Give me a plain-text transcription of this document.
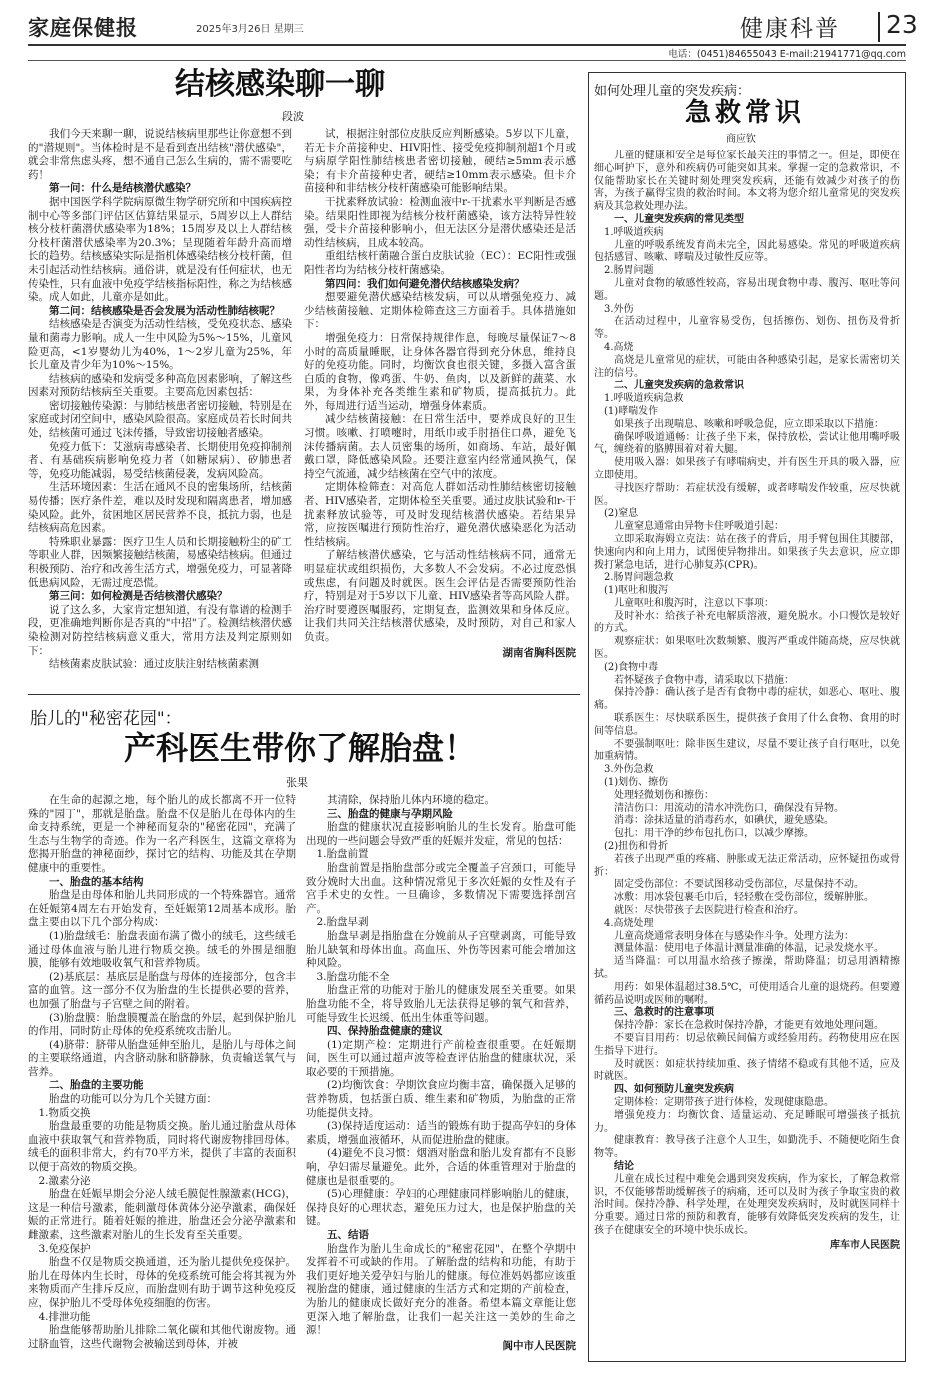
家庭保健报	2025年3月26日 星期三	健康科普 23
电话：(0451)84655043 E-mail:21941771@qq.com
结核感染聊一聊
段波

我们今天来聊一聊，说说结核病里那些让你意想不到的"潜规则"。当体检时是不是看到查出结核"潜伏感染"，就会非常焦虑头疼，想不通自己怎么生病的，需不需要吃药！

第一问：什么是结核潜伏感染？

据中国医学科学院病原微生物学研究所和中国疾病控制中心等多部门评估区估算结果显示，5周岁以上人群结核分枝杆菌潜伏感染率为18%；15周岁及以上人群结核分枝杆菌潜伏感染率为20.3%；呈现随着年龄升高而增长的趋势。结核感染实际是指机体感染结核分枝杆菌，但未引起活动性结核病。通俗讲，就是没有任何症状，也无传染性，只有血液中免疫学结核指标阳性，称之为结核感染。成人如此，儿童亦是如此。

第二问：结核感染是否会发展为活动性肺结核呢？

结核感染是否演变为活动性结核，受免疫状态、感染量和菌毒力影响。成人一生中风险为5%～15%，儿童风险更高，<1岁婴幼儿为40%，1～2岁儿童为25%，年长儿童及青少年为10%～15%。

结核病的感染和发病受多种高危因素影响，了解这些因素对预防结核病至关重要。主要高危因素包括：

密切接触传染源：与肺结核患者密切接触，特别是在家庭或封闭空间中，感染风险很高。家庭成员若长时间共处，结核菌可通过飞沫传播，导致密切接触者感染。

免疫力低下：艾滋病毒感染者、长期使用免疫抑制剂者、有基础疾病影响免疫力者（如糖尿病）、矽肺患者等，免疫功能减弱，易受结核菌侵袭，发病风险高。

生活环境因素：生活在通风不良的密集场所，结核菌易传播；医疗条件差，难以及时发现和隔离患者，增加感染风险。此外，贫困地区居民营养不良，抵抗力弱，也是结核病高危因素。

特殊职业暴露：医疗卫生人员和长期接触粉尘的矿工等职业人群，因频繁接触结核菌，易感染结核病。但通过积极预防、治疗和改善生活方式，增强免疫力，可显著降低患病风险，无需过度恐慌。

第三问：如何检测是否结核潜伏感染？

说了这么多，大家肯定想知道，有没有靠谱的检测手段，更准确地判断你是否真的"中招"了。检测结核潜伏感染检测对防控结核病意义重大，常用方法及判定原则如下：

结核菌素皮肤试验：通过皮肤注射结核菌素测

试，根据注射部位皮肤反应判断感染。5岁以下儿童，若无卡介苗接种史、HIV阳性、接受免疫抑制剂超1个月或与病原学阳性肺结核患者密切接触，硬结≥5mm表示感染；有卡介苗接种史者，硬结≥10mm表示感染。但卡介苗接种和非结核分枝杆菌感染可能影响结果。

干扰素释放试验：检测血液中r-干扰素水平判断是否感染。结果阳性即视为结核分枝杆菌感染，该方法特异性较强，受卡介苗接种影响小，但无法区分是潜伏感染还是活动性结核病，且成本较高。

重组结核杆菌融合蛋白皮肤试验（EC）：EC阳性或强阳性者均为结核分枝杆菌感染。

第四问：我们如何避免潜伏结核感染发病？

想要避免潜伏感染结核发病，可以从增强免疫力、减少结核菌接触、定期体检筛查这三方面着手。具体措施如下：

增强免疫力：日常保持规律作息，每晚尽量保证7～8小时的高质量睡眠，让身体各器官得到充分休息，维持良好的免疫功能。同时，均衡饮食也很关键，多摄入富含蛋白质的食物，像鸡蛋、牛奶、鱼肉，以及新鲜的蔬菜、水果，为身体补充各类维生素和矿物质，提高抵抗力。此外，每周进行适当运动，增强身体素质。

减少结核菌接触：在日常生活中，要养成良好的卫生习惯。咳嗽、打喷嚏时，用纸巾或手肘捂住口鼻，避免飞沫传播病菌。去人员密集的场所，如商场、车站，最好佩戴口罩，降低感染风险。还要注意室内经常通风换气，保持空气流通，减少结核菌在空气中的浓度。

定期体检筛查：对高危人群如活动性肺结核密切接触者、HIV感染者，定期体检至关重要。通过皮肤试验和r-干扰素释放试验等，可及时发现结核潜伏感染。若结果异常，应按医嘱进行预防性治疗，避免潜伏感染恶化为活动性结核病。

了解结核潜伏感染，它与活动性结核病不同，通常无明显症状或组织损伤，大多数人不会发病。不必过度恐惧或焦虑，有问题及时就医。医生会评估是否需要预防性治疗，特别是对于5岁以下儿童、HIV感染者等高风险人群。治疗时要遵医嘱服药，定期复查，监测效果和身体反应。让我们共同关注结核潜伏感染，及时预防，对自己和家人负责。

湖南省胸科医院

胎儿的"秘密花园"：
产科医生带你了解胎盘！
张果

在生命的起源之地，每个胎儿的成长都离不开一位特殊的"园丁"，那就是胎盘。胎盘不仅是胎儿在母体内的生命支持系统，更是一个神秘而复杂的"秘密花园"，充满了生态与生物学的奇迹。作为一名产科医生，这篇文章将为您揭开胎盘的神秘面纱，探讨它的结构、功能及其在孕期健康中的重要性。

一、胎盘的基本结构

胎盘是由母体和胎儿共同形成的一个特殊器官。通常在妊娠第4周左右开始发育，至妊娠第12周基本成形。胎盘主要由以下几个部分构成：

(1)胎盘绒毛：胎盘表面布满了微小的绒毛，这些绒毛通过母体血液与胎儿进行物质交换。绒毛的外围是细胞膜，能够有效地吸收氧气和营养物质。

(2)基底层：基底层是胎盘与母体的连接部分，包含丰富的血管。这一部分不仅为胎盘的生长提供必要的营养，也加强了胎盘与子宫壁之间的附着。

(3)胎盘膜：胎盘膜覆盖在胎盘的外层，起到保护胎儿的作用，同时防止母体的免疫系统攻击胎儿。

(4)脐带：脐带从胎盘延伸至胎儿，是胎儿与母体之间的主要联络通道，内含脐动脉和脐静脉，负责输送氧气与营养。

二、胎盘的主要功能

胎盘的功能可以分为几个关键方面：

1.物质交换

胎盘最重要的功能是物质交换。胎儿通过胎盘从母体血液中获取氧气和营养物质，同时将代谢废物排回母体。绒毛的面积非常大，约有70平方米，提供了丰富的表面积以便于高效的物质交换。

2.激素分泌

胎盘在妊娠早期会分泌人绒毛膜促性腺激素(HCG)，这是一种信号激素，能刺激母体黄体分泌孕激素，确保妊娠的正常进行。随着妊娠的推进，胎盘还会分泌孕激素和雌激素，这些激素对胎儿的生长发育至关重要。

3.免疫保护

胎盘不仅是物质交换通道，还为胎儿提供免疫保护。胎儿在母体内生长时，母体的免疫系统可能会将其视为外来物质而产生排斥反应，而胎盘则有助于调节这种免疫反应，保护胎儿不受母体免疫细胞的伤害。

4.排泄功能

胎盘能够帮助胎儿排除二氧化碳和其他代谢废物。通过脐血管，这些代谢物会被输送到母体，并被

其清除，保持胎儿体内环境的稳定。

三、胎盘的健康与孕期风险

胎盘的健康状况直接影响胎儿的生长发育。胎盘可能出现的一些问题会导致严重的妊娠并发症，常见的包括：

1.胎盘前置

胎盘前置是指胎盘部分或完全覆盖子宫颈口，可能导致分娩时大出血。这种情况常见于多次妊娠的女性及有子宫手术史的女性。一旦确诊，多数情况下需要选择剖宫产。

2.胎盘早剥

胎盘早剥是指胎盘在分娩前从子宫壁剥离，可能导致胎儿缺氧和母体出血。高血压、外伤等因素可能会增加这种风险。

3.胎盘功能不全

胎盘正常的功能对于胎儿的健康发展至关重要。如果胎盘功能不全，将导致胎儿无法获得足够的氧气和营养，可能导致生长迟缓、低出生体重等问题。

四、保持胎盘健康的建议

(1)定期产检：定期进行产前检查很重要。在妊娠期间，医生可以通过超声波等检查评估胎盘的健康状况，采取必要的干预措施。

(2)均衡饮食：孕期饮食应均衡丰富，确保摄入足够的营养物质，包括蛋白质、维生素和矿物质，为胎盘的正常功能提供支持。

(3)保持适度运动：适当的锻炼有助于提高孕妇的身体素质，增强血液循环，从而促进胎盘的健康。

(4)避免不良习惯：烟酒对胎盘和胎儿发育都有不良影响，孕妇需尽量避免。此外，合适的体重管理对于胎盘的健康也是很重要的。

(5)心理健康：孕妇的心理健康同样影响胎儿的健康，保持良好的心理状态，避免压力过大，也是保护胎盘的关键。

五、结语

胎盘作为胎儿生命成长的"秘密花园"，在整个孕期中发挥着不可或缺的作用。了解胎盘的结构和功能，有助于我们更好地关爱孕妇与胎儿的健康。每位准妈妈都应该重视胎盘的健康，通过健康的生活方式和定期的产前检查，为胎儿的健康成长做好充分的准备。希望本篇文章能让您更深入地了解胎盘，让我们一起关注这一美妙的生命之源！

阆中市人民医院

如何处理儿童的突发疾病：
急救常识
商应钦

儿童的健康和安全是每位家长最关注的事情之一。但是，即使在细心呵护下，意外和疾病仍可能突如其来。掌握一定的急救常识，不仅能帮助家长在关键时刻处理突发疾病，还能有效减少对孩子的伤害，为孩子赢得宝贵的救治时间。本文将为您介绍儿童常见的突发疾病及其急救处理办法。

一、儿童突发疾病的常见类型

1.呼吸道疾病

儿童的呼吸系统发育尚未完全，因此易感染。常见的呼吸道疾病包括感冒、咳嗽、哮喘及过敏性反应等。

2.肠胃问题

儿童对食物的敏感性较高，容易出现食物中毒、腹泻、呕吐等问题。

3.外伤

在活动过程中，儿童容易受伤，包括擦伤、划伤、扭伤及骨折等。

4.高烧

高烧是儿童常见的症状，可能由各种感染引起，是家长需密切关注的信号。

二、儿童突发疾病的急救常识

1.呼吸道疾病急救

(1)哮喘发作

如果孩子出现喘息、咳嗽和呼吸急促，应立即采取以下措施：

确保呼吸道通畅：让孩子坐下来，保持放松，尝试让他用嘴呼吸气，缠绕着的胳膊围着对着大腿。

使用吸入器：如果孩子有哮喘病史，并有医生开具的吸入器，应立即使用。

寻找医疗帮助：若症状没有缓解，或者哮喘发作较重，应尽快就医。

(2)窒息

儿童窒息通常由异物卡住呼吸道引起：

立即采取海姆立克法：站在孩子的背后，用手臂包围住其腰部，快速向内和向上用力，试图使异物排出。如果孩子失去意识，应立即拨打紧急电话，进行心肺复苏(CPR)。

2.肠胃问题急救

(1)呕吐和腹泻

儿童呕吐和腹泻时，注意以下事项：

及时补水：给孩子补充电解质溶液，避免脱水。小口慢饮是较好的方式。

观察症状：如果呕吐次数频繁、腹泻严重或伴随高烧，应尽快就医。

(2)食物中毒

若怀疑孩子食物中毒，请采取以下措施：

保持冷静：确认孩子是否有食物中毒的症状，如恶心、呕吐、腹痛。

联系医生：尽快联系医生，提供孩子食用了什么食物、食用的时间等信息。

不要强制呕吐：除非医生建议，尽量不要让孩子自行呕吐，以免加重病情。

3.外伤急救

(1)划伤、擦伤

处理轻微划伤和擦伤：

清洁伤口：用流动的清水冲洗伤口，确保没有异物。

消毒：涂抹适量的消毒药水，如碘伏，避免感染。

包扎：用干净的纱布包扎伤口，以减少摩擦。

(2)扭伤和骨折

若孩子出现严重的疼痛、肿胀或无法正常活动，应怀疑扭伤或骨折：

固定受伤部位：不要试图移动受伤部位，尽量保持不动。

冰敷：用冰袋包裹毛巾后，轻轻敷在受伤部位，缓解肿胀。

就医：尽快带孩子去医院进行检查和治疗。

4.高烧处理

儿童高烧通常表明身体在与感染作斗争。处理方法为：

测量体温：使用电子体温计测量准确的体温，记录发烧水平。

适当降温：可以用温水给孩子擦澡，帮助降温；切忌用酒精擦拭。

用药：如果体温超过38.5℃，可使用适合儿童的退烧药。但要遵循药品说明或医师的嘱咐。

三、急救时的注意事项

保持冷静：家长在急救时保持冷静，才能更有效地处理问题。

不要盲目用药：切忌依赖民间偏方或经验用药。药物使用应在医生指导下进行。

及时就医：如症状持续加重、孩子情绪不稳或有其他不适，应及时就医。

四、如何预防儿童突发疾病

定期体检：定期带孩子进行体检，发现健康隐患。

增强免疫力：均衡饮食、适量运动、充足睡眠可增强孩子抵抗力。

健康教育：教导孩子注意个人卫生，如勤洗手、不随便吃陌生食物等。

结论

儿童在成长过程中难免会遇到突发疾病，作为家长，了解急救常识，不仅能够帮助缓解孩子的病痛，还可以及时为孩子争取宝贵的救治时间。保持冷静、科学处理，在处理突发疾病时，及时就医同样十分重要。通过日常的预防和教育，能够有效降低突发疾病的发生，让孩子在健康安全的环境中快乐成长。

库车市人民医院
